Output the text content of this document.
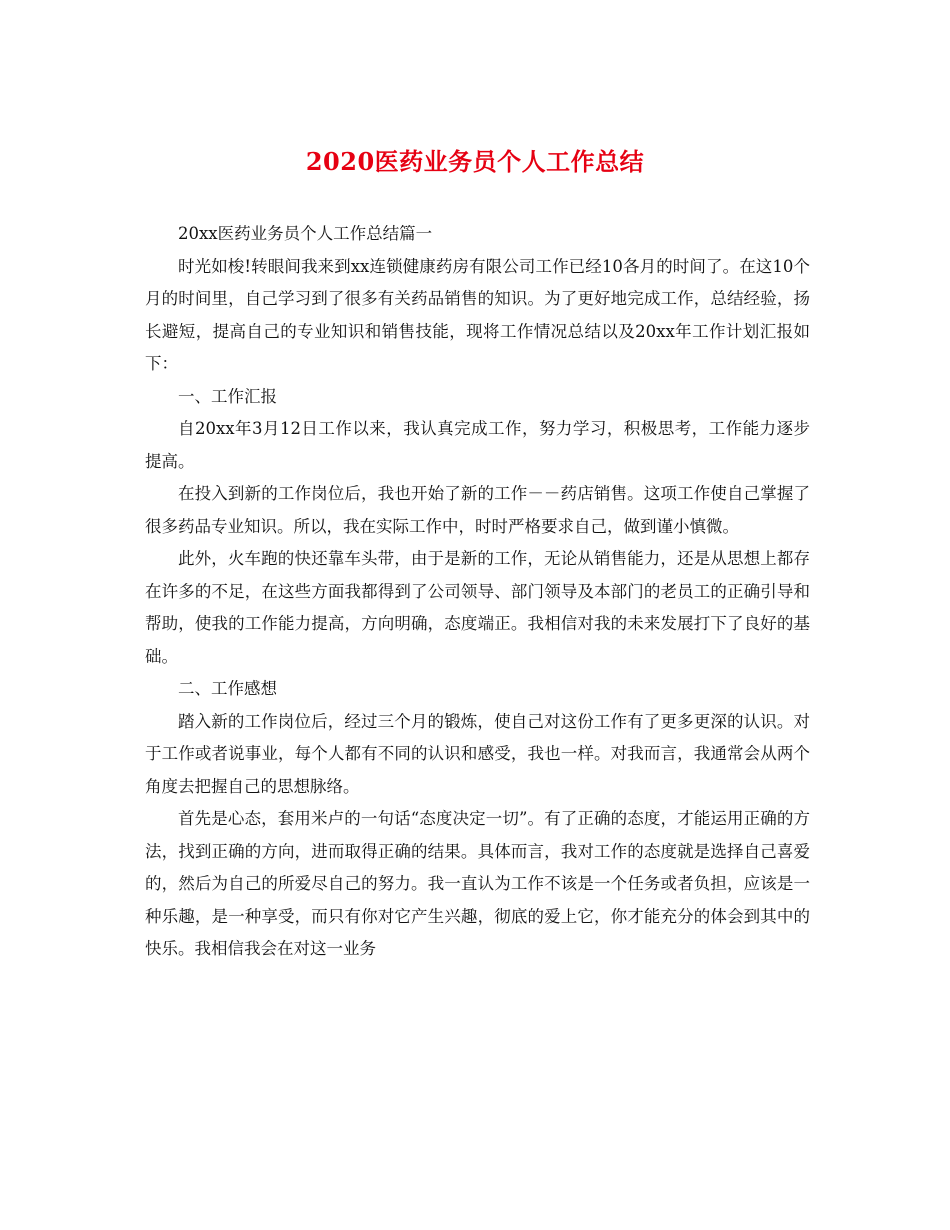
2020医药业务员个人工作总结

20xx医药业务员个人工作总结篇一

时光如梭!转眼间我来到xx连锁健康药房有限公司工作已经10各月的时间了。在这10个月的时间里，自己学习到了很多有关药品销售的知识。为了更好地完成工作，总结经验，扬长避短，提高自己的专业知识和销售技能，现将工作情况总结以及20xx年工作计划汇报如下：

一、工作汇报

自20xx年3月12日工作以来，我认真完成工作，努力学习，积极思考，工作能力逐步提高。

在投入到新的工作岗位后，我也开始了新的工作－－药店销售。这项工作使自己掌握了很多药品专业知识。所以，我在实际工作中，时时严格要求自己，做到谨小慎微。

此外，火车跑的快还靠车头带，由于是新的工作，无论从销售能力，还是从思想上都存在许多的不足，在这些方面我都得到了公司领导、部门领导及本部门的老员工的正确引导和帮助，使我的工作能力提高，方向明确，态度端正。我相信对我的未来发展打下了良好的基础。

二、工作感想

踏入新的工作岗位后，经过三个月的锻炼，使自己对这份工作有了更多更深的认识。对于工作或者说事业，每个人都有不同的认识和感受，我也一样。对我而言，我通常会从两个角度去把握自己的思想脉络。

首先是心态，套用米卢的一句话“态度决定一切”。有了正确的态度，才能运用正确的方法，找到正确的方向，进而取得正确的结果。具体而言，我对工作的态度就是选择自己喜爱的，然后为自己的所爱尽自己的努力。我一直认为工作不该是一个任务或者负担，应该是一种乐趣，是一种享受，而只有你对它产生兴趣，彻底的爱上它，你才能充分的体会到其中的快乐。我相信我会在对这一业务
